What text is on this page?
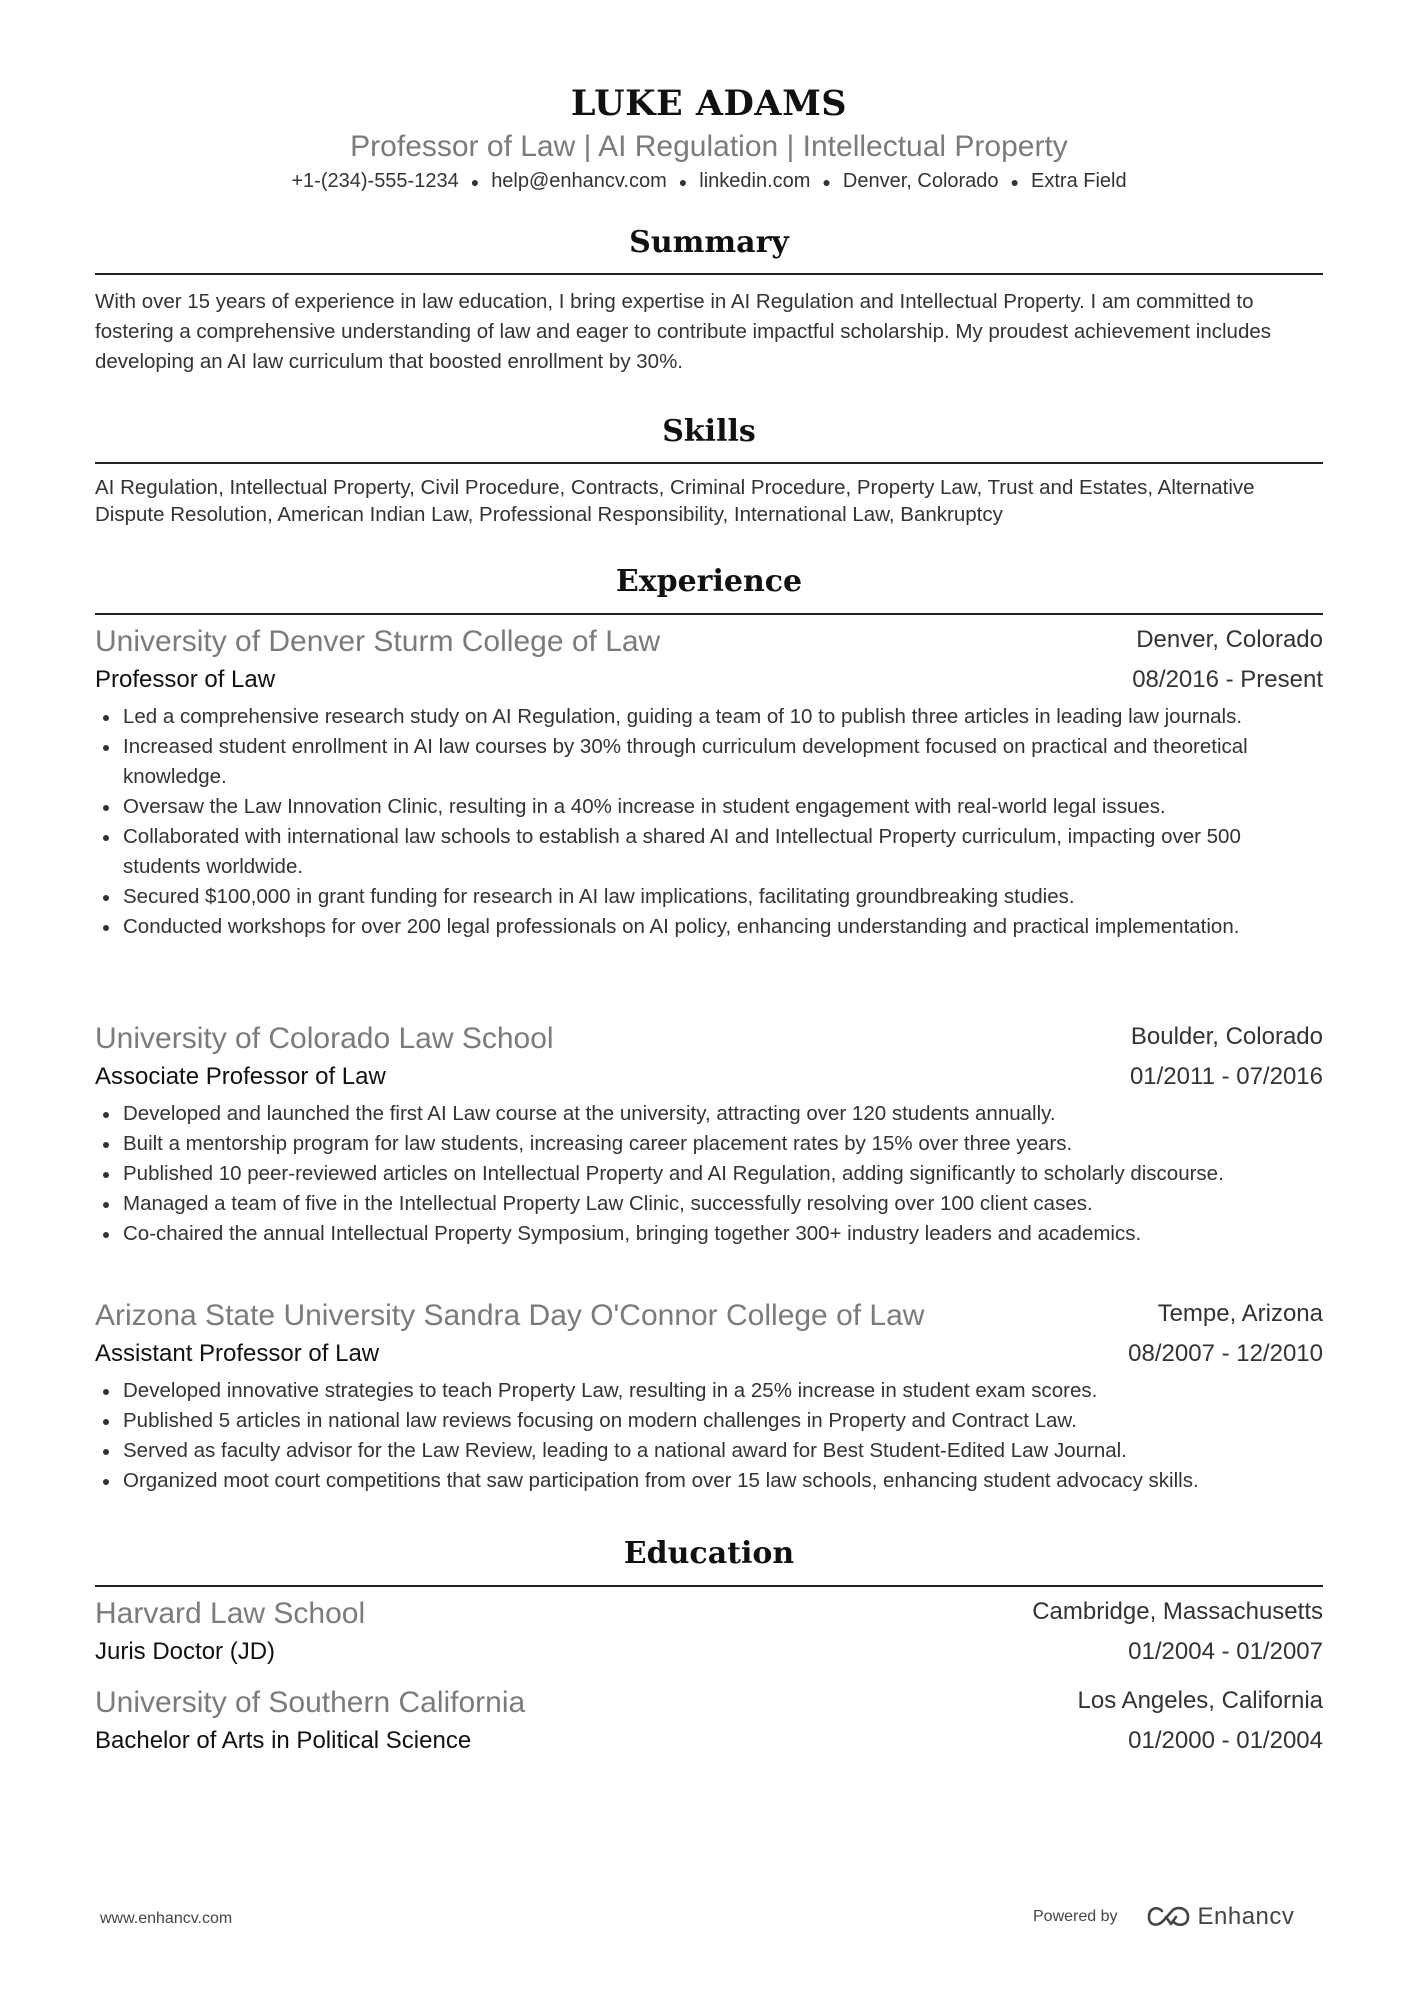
LUKE ADAMS
Professor of Law | AI Regulation | Intellectual Property
+1-(234)-555-1234 ● help@enhancv.com ● linkedin.com ● Denver, Colorado ● Extra Field
Summary
With over 15 years of experience in law education, I bring expertise in AI Regulation and Intellectual Property. I am committed to fostering a comprehensive understanding of law and eager to contribute impactful scholarship. My proudest achievement includes developing an AI law curriculum that boosted enrollment by 30%.
Skills
AI Regulation, Intellectual Property, Civil Procedure, Contracts, Criminal Procedure, Property Law, Trust and Estates, Alternative Dispute Resolution, American Indian Law, Professional Responsibility, International Law, Bankruptcy
Experience
University of Denver Sturm College of Law	Denver, Colorado
Professor of Law	08/2016 - Present
Led a comprehensive research study on AI Regulation, guiding a team of 10 to publish three articles in leading law journals.
Increased student enrollment in AI law courses by 30% through curriculum development focused on practical and theoretical knowledge.
Oversaw the Law Innovation Clinic, resulting in a 40% increase in student engagement with real-world legal issues.
Collaborated with international law schools to establish a shared AI and Intellectual Property curriculum, impacting over 500 students worldwide.
Secured $100,000 in grant funding for research in AI law implications, facilitating groundbreaking studies.
Conducted workshops for over 200 legal professionals on AI policy, enhancing understanding and practical implementation.
University of Colorado Law School	Boulder, Colorado
Associate Professor of Law	01/2011 - 07/2016
Developed and launched the first AI Law course at the university, attracting over 120 students annually.
Built a mentorship program for law students, increasing career placement rates by 15% over three years.
Published 10 peer-reviewed articles on Intellectual Property and AI Regulation, adding significantly to scholarly discourse.
Managed a team of five in the Intellectual Property Law Clinic, successfully resolving over 100 client cases.
Co-chaired the annual Intellectual Property Symposium, bringing together 300+ industry leaders and academics.
Arizona State University Sandra Day O'Connor College of Law	Tempe, Arizona
Assistant Professor of Law	08/2007 - 12/2010
Developed innovative strategies to teach Property Law, resulting in a 25% increase in student exam scores.
Published 5 articles in national law reviews focusing on modern challenges in Property and Contract Law.
Served as faculty advisor for the Law Review, leading to a national award for Best Student-Edited Law Journal.
Organized moot court competitions that saw participation from over 15 law schools, enhancing student advocacy skills.
Education
Harvard Law School	Cambridge, Massachusetts
Juris Doctor (JD)	01/2004 - 01/2007
University of Southern California	Los Angeles, California
Bachelor of Arts in Political Science	01/2000 - 01/2004
www.enhancv.com	Powered by	Enhancv
